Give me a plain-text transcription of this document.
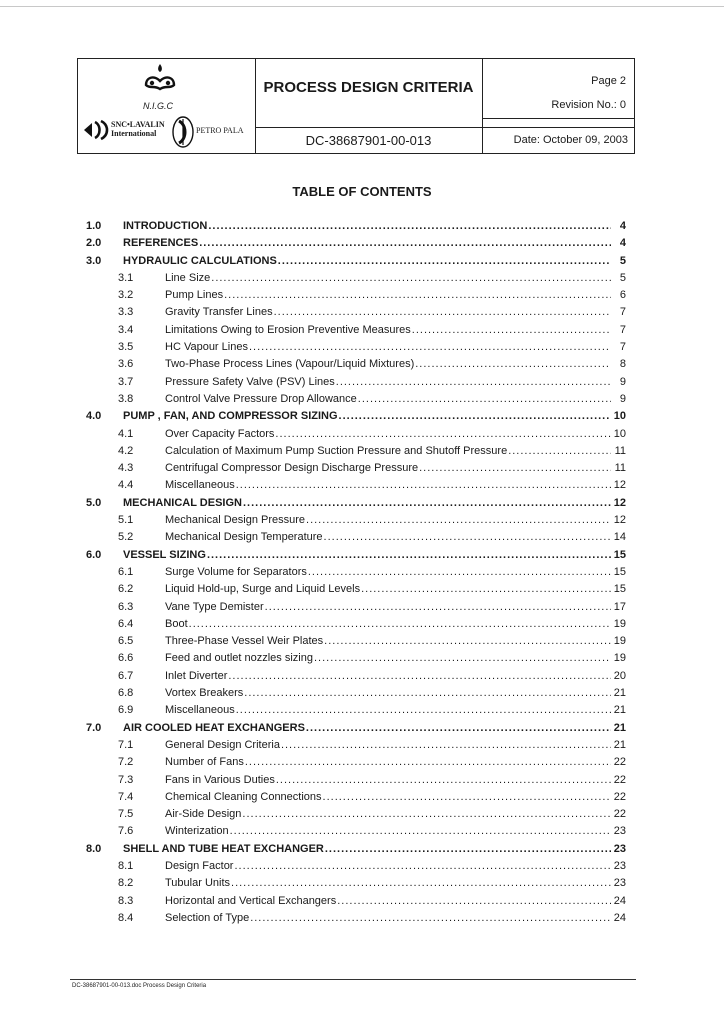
N.I.G.C
SNC•LAVALIN
International	PETRO PALA
PROCESS DESIGN CRITERIA
DC-38687901-00-013
Page 2
Revision No.: 0
Date: October 09, 2003
TABLE OF CONTENTS
1.0 INTRODUCTION .....	4
2.0 REFERENCES .....	4
3.0 HYDRAULIC CALCULATIONS .....	5
3.1	Line Size .....	5
3.2	Pump Lines .....	6
3.3	Gravity Transfer Lines .....	7
3.4	Limitations Owing to Erosion Preventive Measures .....	7
3.5	HC Vapour Lines .....	7
3.6	Two-Phase Process Lines (Vapour/Liquid Mixtures) .....	8
3.7	Pressure Safety Valve (PSV) Lines .....	9
3.8	Control Valve Pressure Drop Allowance .....	9
4.0 PUMP , FAN, AND COMPRESSOR SIZING .....	10
4.1	Over Capacity Factors .....	10
4.2	Calculation of Maximum Pump Suction Pressure and Shutoff Pressure .....	11
4.3	Centrifugal Compressor Design Discharge Pressure .....	11
4.4	Miscellaneous .....	12
5.0 MECHANICAL DESIGN .....	12
5.1	Mechanical Design Pressure .....	12
5.2	Mechanical Design Temperature .....	14
6.0 VESSEL SIZING .....	15
6.1	Surge Volume for Separators .....	15
6.2	Liquid Hold-up, Surge and Liquid Levels .....	15
6.3	Vane Type Demister .....	17
6.4	Boot .....	19
6.5	Three-Phase Vessel Weir Plates .....	19
6.6	Feed and outlet nozzles sizing .....	19
6.7	Inlet Diverter .....	20
6.8	Vortex Breakers .....	21
6.9	Miscellaneous .....	21
7.0 AIR COOLED HEAT EXCHANGERS .....	21
7.1	General Design Criteria .....	21
7.2	Number of Fans .....	22
7.3	Fans in Various Duties .....	22
7.4	Chemical Cleaning Connections .....	22
7.5	Air-Side Design .....	22
7.6	Winterization .....	23
8.0 SHELL AND TUBE HEAT EXCHANGER .....	23
8.1	Design Factor .....	23
8.2	Tubular Units .....	23
8.3	Horizontal and Vertical Exchangers .....	24
8.4	Selection of Type .....	24
DC-38687901-00-013.doc Process Design Criteria
